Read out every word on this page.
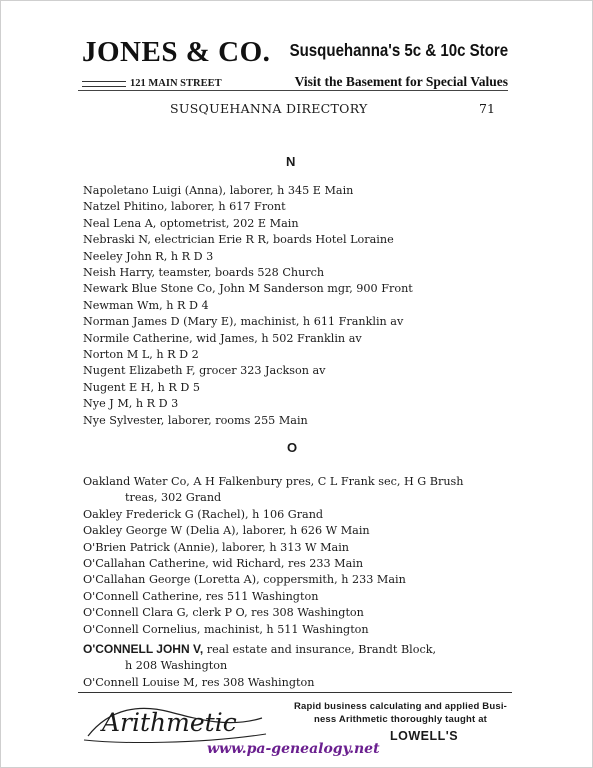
JONES & CO. Susquehanna's 5c & 10c Store
121 MAIN STREET	Visit the Basement for Special Values
SUSQUEHANNA DIRECTORY	71
N
Napoletano Luigi (Anna), laborer, h 345 E Main
Natzel Phitino, laborer, h 617 Front
Neal Lena A, optometrist, 202 E Main
Nebraski N, electrician Erie R R, boards Hotel Loraine
Neeley John R, h R D 3
Neish Harry, teamster, boards 528 Church
Newark Blue Stone Co, John M Sanderson mgr, 900 Front
Newman Wm, h R D 4
Norman James D (Mary E), machinist, h 611 Franklin av
Normile Catherine, wid James, h 502 Franklin av
Norton M L, h R D 2
Nugent Elizabeth F, grocer 323 Jackson av
Nugent E H, h R D 5
Nye J M, h R D 3
Nye Sylvester, laborer, rooms 255 Main
O
Oakland Water Co, A H Falkenbury pres, C L Frank sec, H G Brush
treas, 302 Grand
Oakley Frederick G (Rachel), h 106 Grand
Oakley George W (Delia A), laborer, h 626 W Main
O'Brien Patrick (Annie), laborer, h 313 W Main
O'Callahan Catherine, wid Richard, res 233 Main
O'Callahan George (Loretta A), coppersmith, h 233 Main
O'Connell Catherine, res 511 Washington
O'Connell Clara G, clerk P O, res 308 Washington
O'Connell Cornelius, machinist, h 511 Washington
O'CONNELL JOHN V, real estate and insurance, Brandt Block,
h 208 Washington
O'Connell Louise M, res 308 Washington
Arithmetic
Rapid business calculating and applied Busi-
ness Arithmetic thoroughly taught at
LOWELL'S
www.pa-genealogy.net
